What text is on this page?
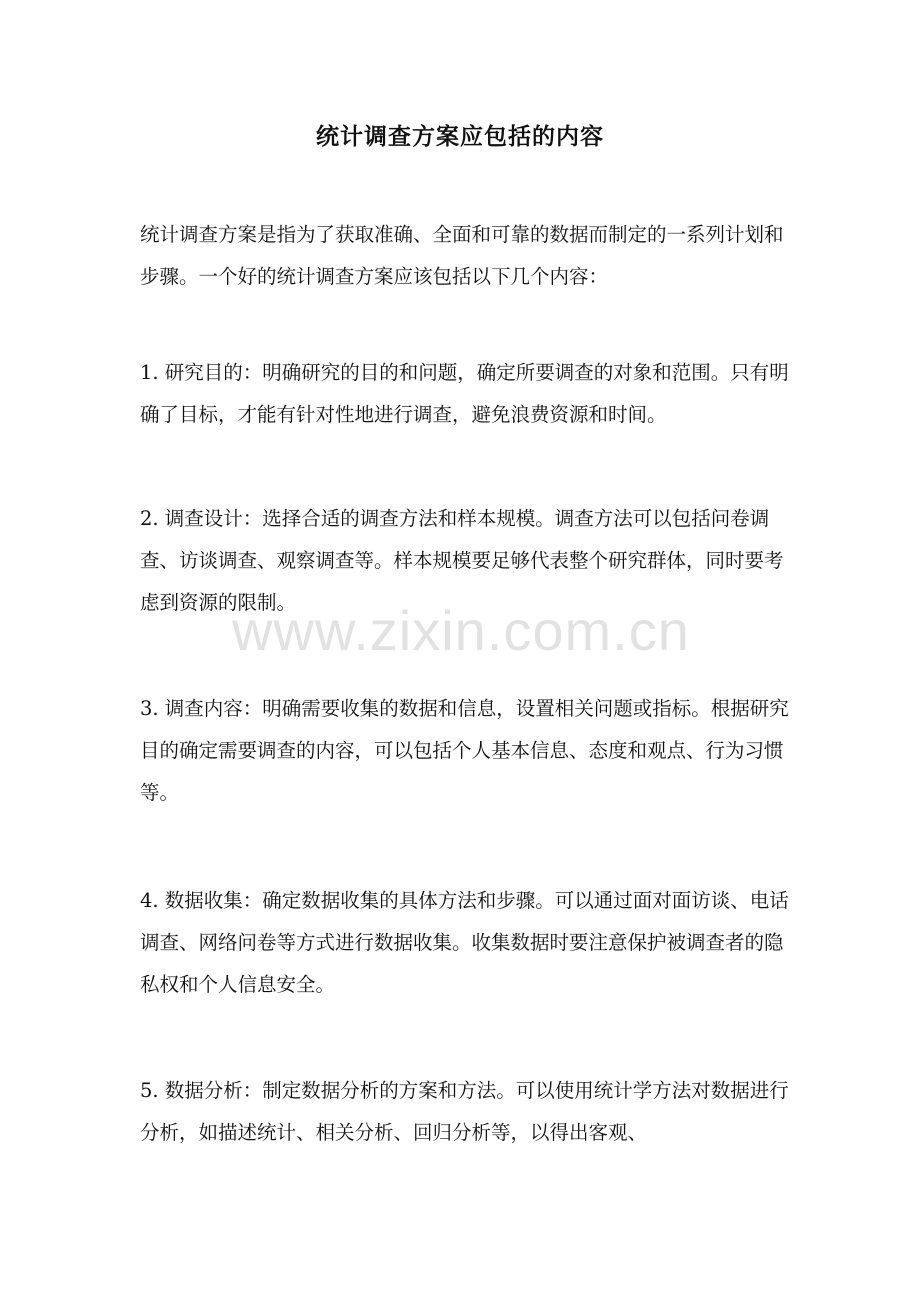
统计调查方案应包括的内容

统计调查方案是指为了获取准确、全面和可靠的数据而制定的一系列计划和步骤。一个好的统计调查方案应该包括以下几个内容：

1. 研究目的：明确研究的目的和问题，确定所要调查的对象和范围。只有明确了目标，才能有针对性地进行调查，避免浪费资源和时间。

2. 调查设计：选择合适的调查方法和样本规模。调查方法可以包括问卷调查、访谈调查、观察调查等。样本规模要足够代表整个研究群体，同时要考虑到资源的限制。

3. 调查内容：明确需要收集的数据和信息，设置相关问题或指标。根据研究目的确定需要调查的内容，可以包括个人基本信息、态度和观点、行为习惯等。

4. 数据收集：确定数据收集的具体方法和步骤。可以通过面对面访谈、电话调查、网络问卷等方式进行数据收集。收集数据时要注意保护被调查者的隐私权和个人信息安全。

5. 数据分析：制定数据分析的方案和方法。可以使用统计学方法对数据进行分析，如描述统计、相关分析、回归分析等，以得出客观、

www.zixin.com.cn
